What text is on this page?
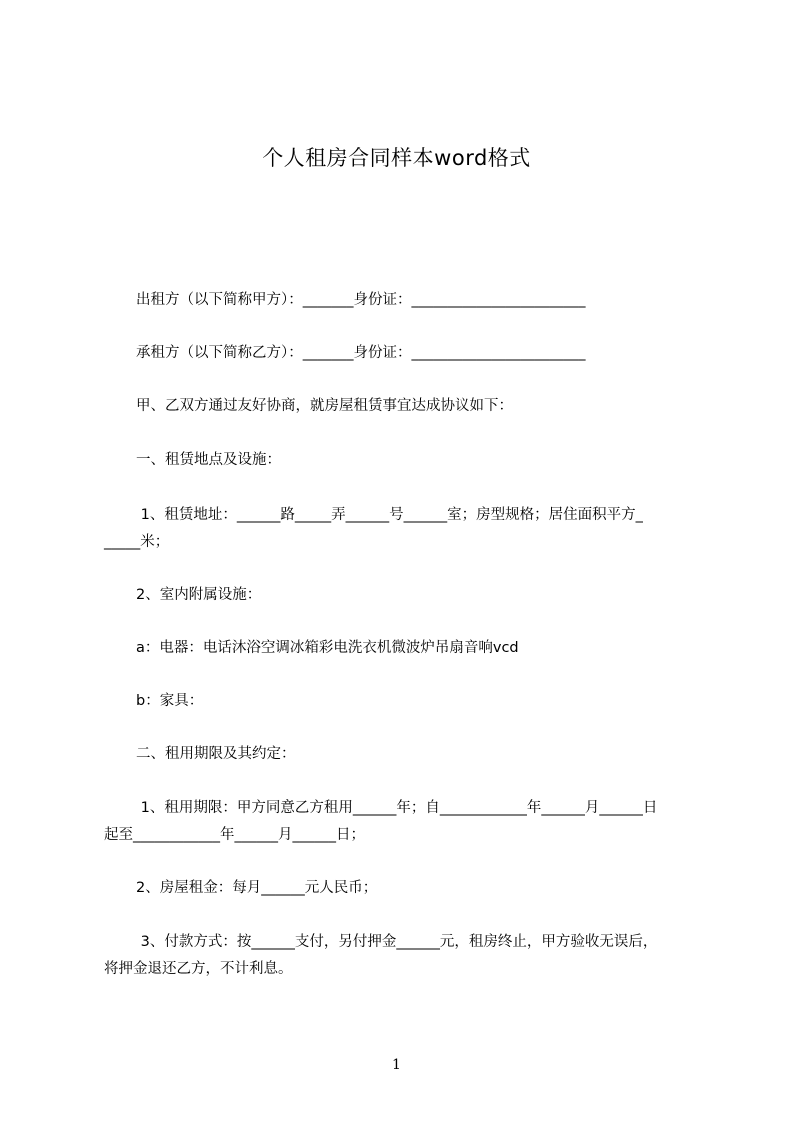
个人租房合同样本word格式
出租方（以下简称甲方）：_______身份证：________________________
承租方（以下简称乙方）：_______身份证：________________________
甲、乙双方通过友好协商，就房屋租赁事宜达成协议如下：
一、租赁地点及设施：
1、租赁地址：______路_____弄______号______室；房型规格；居住面积平方_
_____米；
2、室内附属设施：
a：电器：电话沐浴空调冰箱彩电洗衣机微波炉吊扇音响vcd
b：家具：
二、租用期限及其约定：
1、租用期限：甲方同意乙方租用______年；自____________年______月______日
起至____________年______月______日；
2、房屋租金：每月______元人民币；
3、付款方式：按______支付，另付押金______元，租房终止，甲方验收无误后，
将押金退还乙方，不计利息。
1
